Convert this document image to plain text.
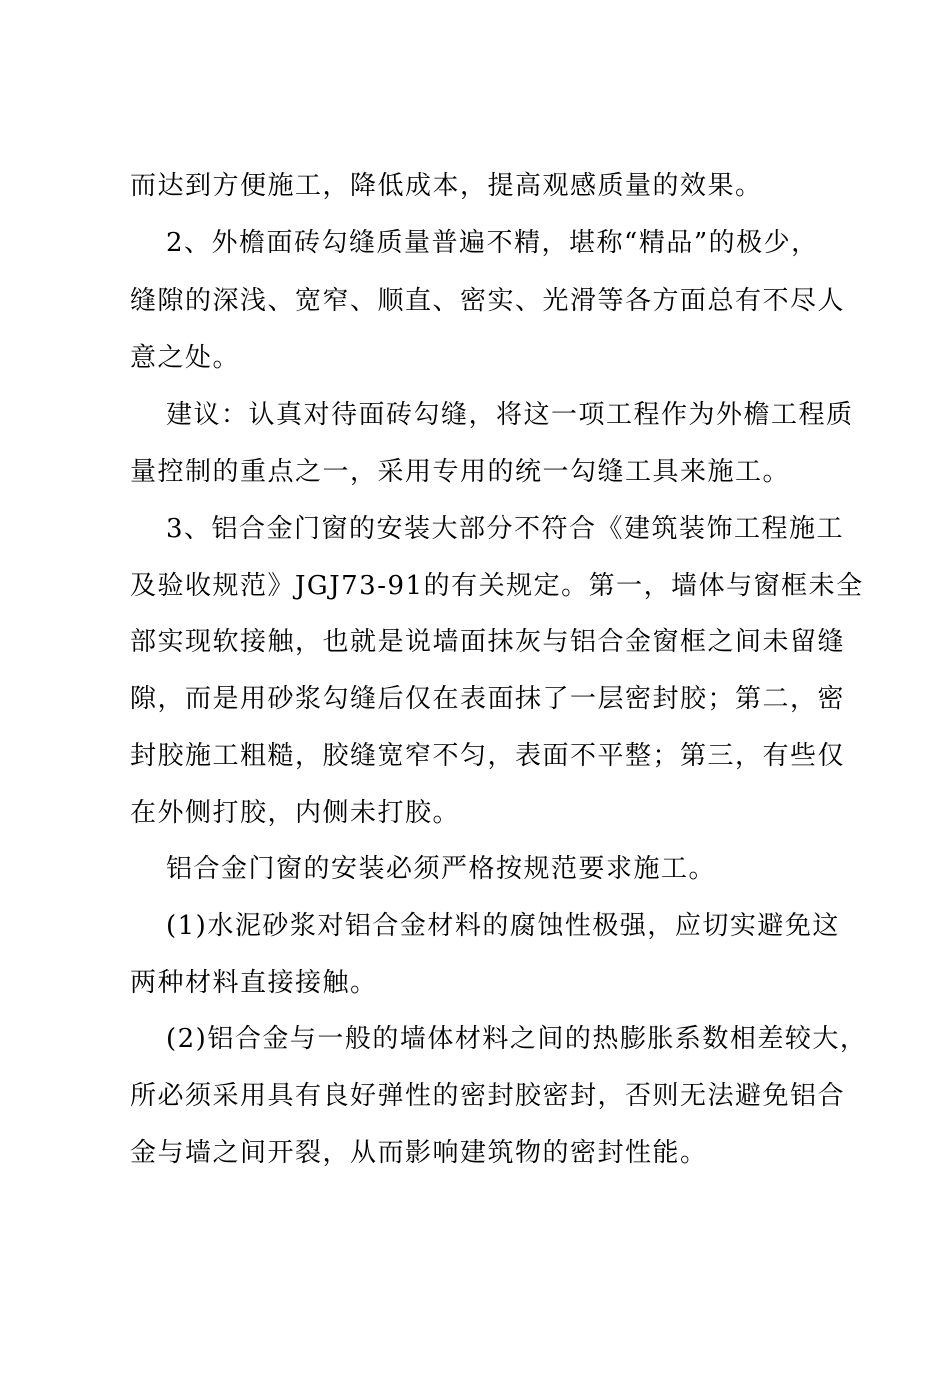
而达到方便施工，降低成本，提高观感质量的效果。
2、外檐面砖勾缝质量普遍不精，堪称“精品”的极少，
缝隙的深浅、宽窄、顺直、密实、光滑等各方面总有不尽人
意之处。
建议：认真对待面砖勾缝，将这一项工程作为外檐工程质
量控制的重点之一，采用专用的统一勾缝工具来施工。
3、铝合金门窗的安装大部分不符合《建筑装饰工程施工
及验收规范》JGJ73-91的有关规定。第一，墙体与窗框未全
部实现软接触，也就是说墙面抹灰与铝合金窗框之间未留缝
隙，而是用砂浆勾缝后仅在表面抹了一层密封胶；第二，密
封胶施工粗糙，胶缝宽窄不匀，表面不平整；第三，有些仅
在外侧打胶，内侧未打胶。
铝合金门窗的安装必须严格按规范要求施工。
(1)水泥砂浆对铝合金材料的腐蚀性极强，应切实避免这
两种材料直接接触。
(2)铝合金与一般的墙体材料之间的热膨胀系数相差较大，
所必须采用具有良好弹性的密封胶密封，否则无法避免铝合
金与墙之间开裂，从而影响建筑物的密封性能。
